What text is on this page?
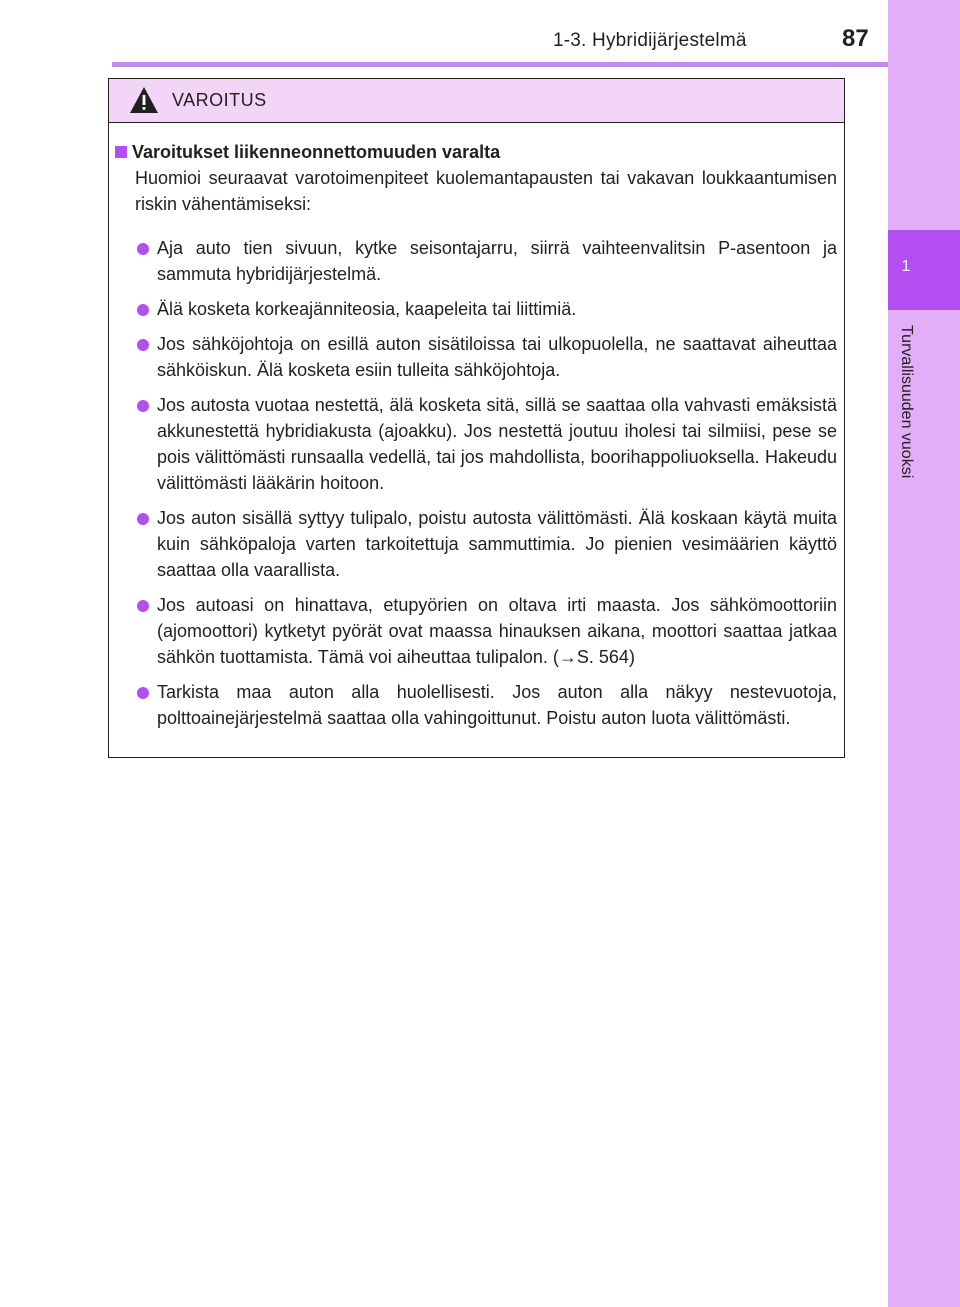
1-3. Hybridijärjestelmä	87
1
Turvallisuuden vuoksi
VAROITUS
Varoitukset liikenneonnettomuuden varalta

Huomioi seuraavat varotoimenpiteet kuolemantapausten tai vakavan loukkaantumisen riskin vähentämiseksi:

Aja auto tien sivuun, kytke seisontajarru, siirrä vaihteenvalitsin P-asentoon ja sammuta hybridijärjestelmä.
Älä kosketa korkeajänniteosia, kaapeleita tai liittimiä.
Jos sähköjohtoja on esillä auton sisätiloissa tai ulkopuolella, ne saattavat aiheuttaa sähköiskun. Älä kosketa esiin tulleita sähköjohtoja.
Jos autosta vuotaa nestettä, älä kosketa sitä, sillä se saattaa olla vahvasti emäksistä akkunestettä hybridiakusta (ajoakku). Jos nestettä joutuu iholesi tai silmiisi, pese se pois välittömästi runsaalla vedellä, tai jos mahdollista, boorihappoliuoksella. Hakeudu välittömästi lääkärin hoitoon.
Jos auton sisällä syttyy tulipalo, poistu autosta välittömästi. Älä koskaan käytä muita kuin sähköpaloja varten tarkoitettuja sammuttimia. Jo pienien vesimäärien käyttö saattaa olla vaarallista.
Jos autoasi on hinattava, etupyörien on oltava irti maasta. Jos sähkömoottoriin (ajomoottori) kytketyt pyörät ovat maassa hinauksen aikana, moottori saattaa jatkaa sähkön tuottamista. Tämä voi aiheuttaa tulipalon. (→S. 564)
Tarkista maa auton alla huolellisesti. Jos auton alla näkyy nestevuotoja, polttoainejärjestelmä saattaa olla vahingoittunut. Poistu auton luota välittömästi.
